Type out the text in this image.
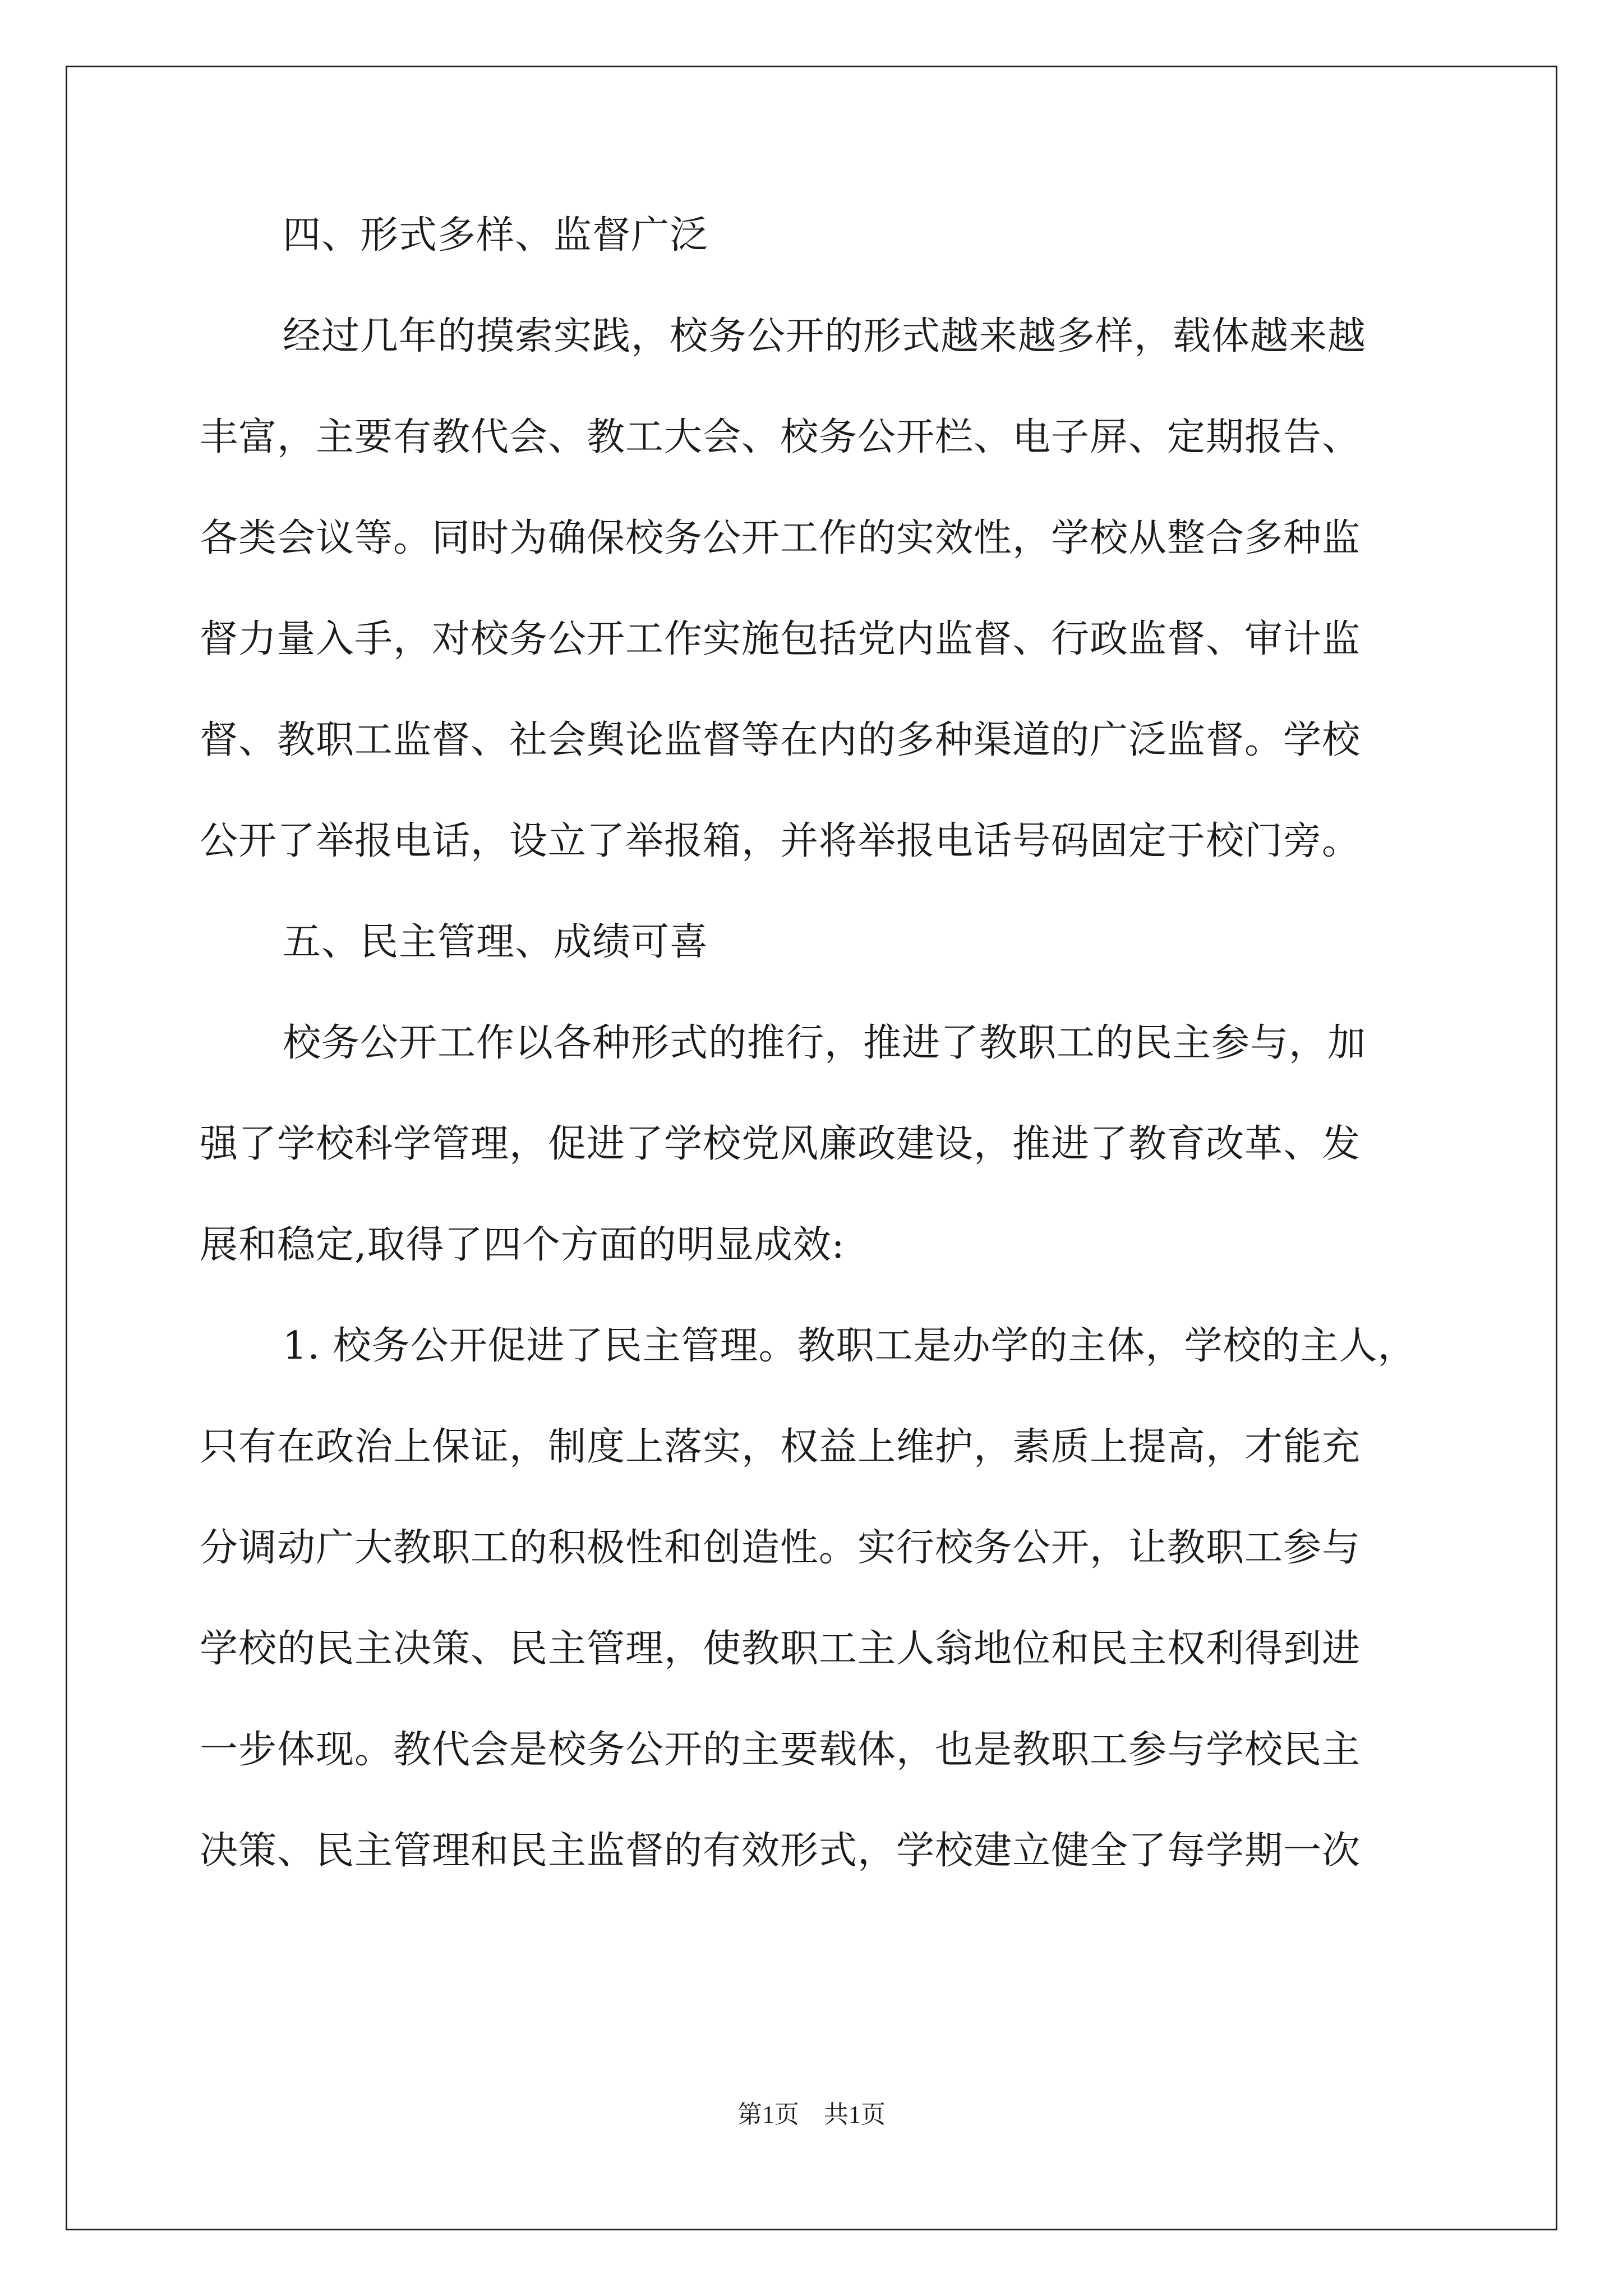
四、形式多样、监督广泛
经过几年的摸索实践，校务公开的形式越来越多样，载体越来越
丰富，主要有教代会、教工大会、校务公开栏、电子屏、定期报告、
各类会议等。同时为确保校务公开工作的实效性，学校从整合多种监
督力量入手，对校务公开工作实施包括党内监督、行政监督、审计监
督、教职工监督、社会舆论监督等在内的多种渠道的广泛监督。学校
公开了举报电话，设立了举报箱，并将举报电话号码固定于校门旁。
五、民主管理、成绩可喜
校务公开工作以各种形式的推行，推进了教职工的民主参与，加
强了学校科学管理，促进了学校党风廉政建设，推进了教育改革、发
展和稳定,取得了四个方面的明显成效:
1. 校务公开促进了民主管理。教职工是办学的主体，学校的主人，
只有在政治上保证，制度上落实，权益上维护，素质上提高，才能充
分调动广大教职工的积极性和创造性。实行校务公开，让教职工参与
学校的民主决策、民主管理，使教职工主人翁地位和民主权利得到进
一步体现。教代会是校务公开的主要载体，也是教职工参与学校民主
决策、民主管理和民主监督的有效形式，学校建立健全了每学期一次
第1页　共1页
